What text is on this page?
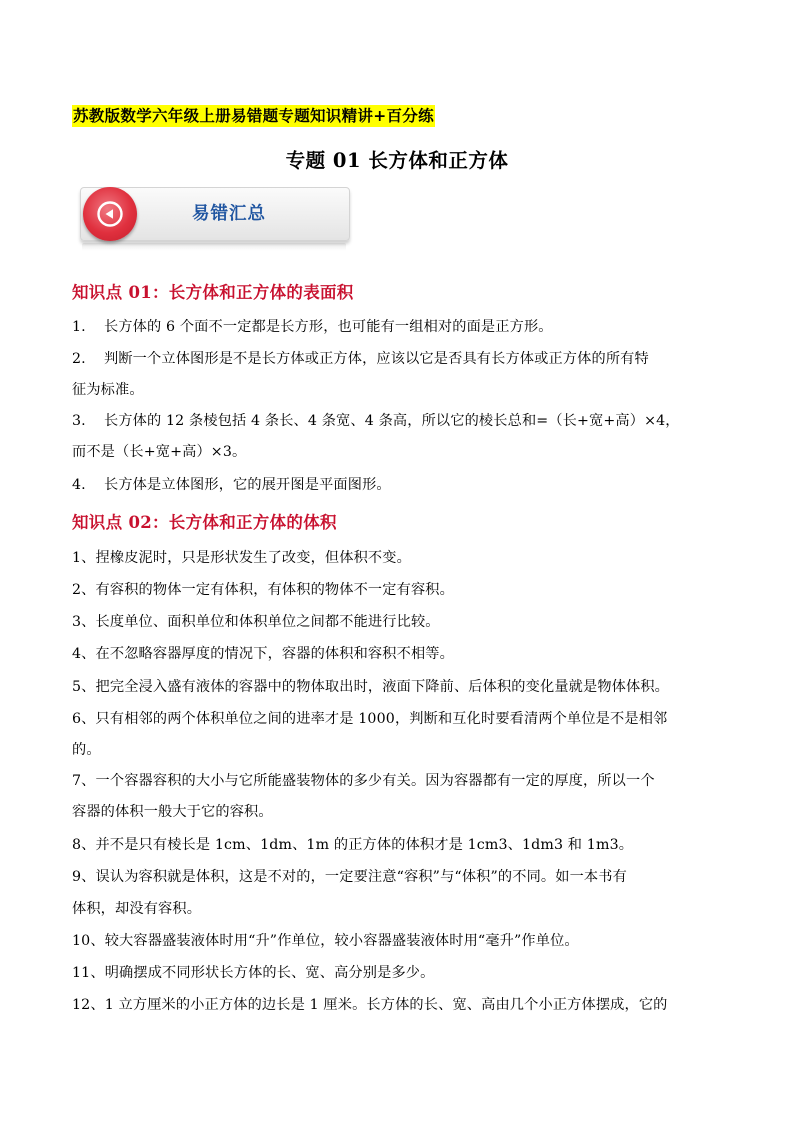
苏教版数学六年级上册易错题专题知识精讲+百分练
专题 01 长方体和正方体
易错汇总
知识点 01：长方体和正方体的表面积
1. 长方体的 6 个面不一定都是长方形，也可能有一组相对的面是正方形。
2. 判断一个立体图形是不是长方体或正方体，应该以它是否具有长方体或正方体的所有特
征为标准。
3. 长方体的 12 条棱包括 4 条长、4 条宽、4 条高，所以它的棱长总和=（长+宽+高）×4，
而不是（长+宽+高）×3。
4. 长方体是立体图形，它的展开图是平面图形。
知识点 02：长方体和正方体的体积
1、捏橡皮泥时，只是形状发生了改变，但体积不变。
2、有容积的物体一定有体积，有体积的物体不一定有容积。
3、长度单位、面积单位和体积单位之间都不能进行比较。
4、在不忽略容器厚度的情况下，容器的体积和容积不相等。
5、把完全浸入盛有液体的容器中的物体取出时，液面下降前、后体积的变化量就是物体体积。
6、只有相邻的两个体积单位之间的进率才是 1000，判断和互化时要看清两个单位是不是相邻
的。
7、一个容器容积的大小与它所能盛装物体的多少有关。因为容器都有一定的厚度，所以一个
容器的体积一般大于它的容积。
8、并不是只有棱长是 1cm、1dm、1m 的正方体的体积才是 1cm3、1dm3 和 1m3。
9、误认为容积就是体积，这是不对的，一定要注意“容积”与“体积”的不同。如一本书有
体积，却没有容积。
10、较大容器盛装液体时用“升”作单位，较小容器盛装液体时用“毫升”作单位。
11、明确摆成不同形状长方体的长、宽、高分别是多少。
12、1 立方厘米的小正方体的边长是 1 厘米。长方体的长、宽、高由几个小正方体摆成，它的
